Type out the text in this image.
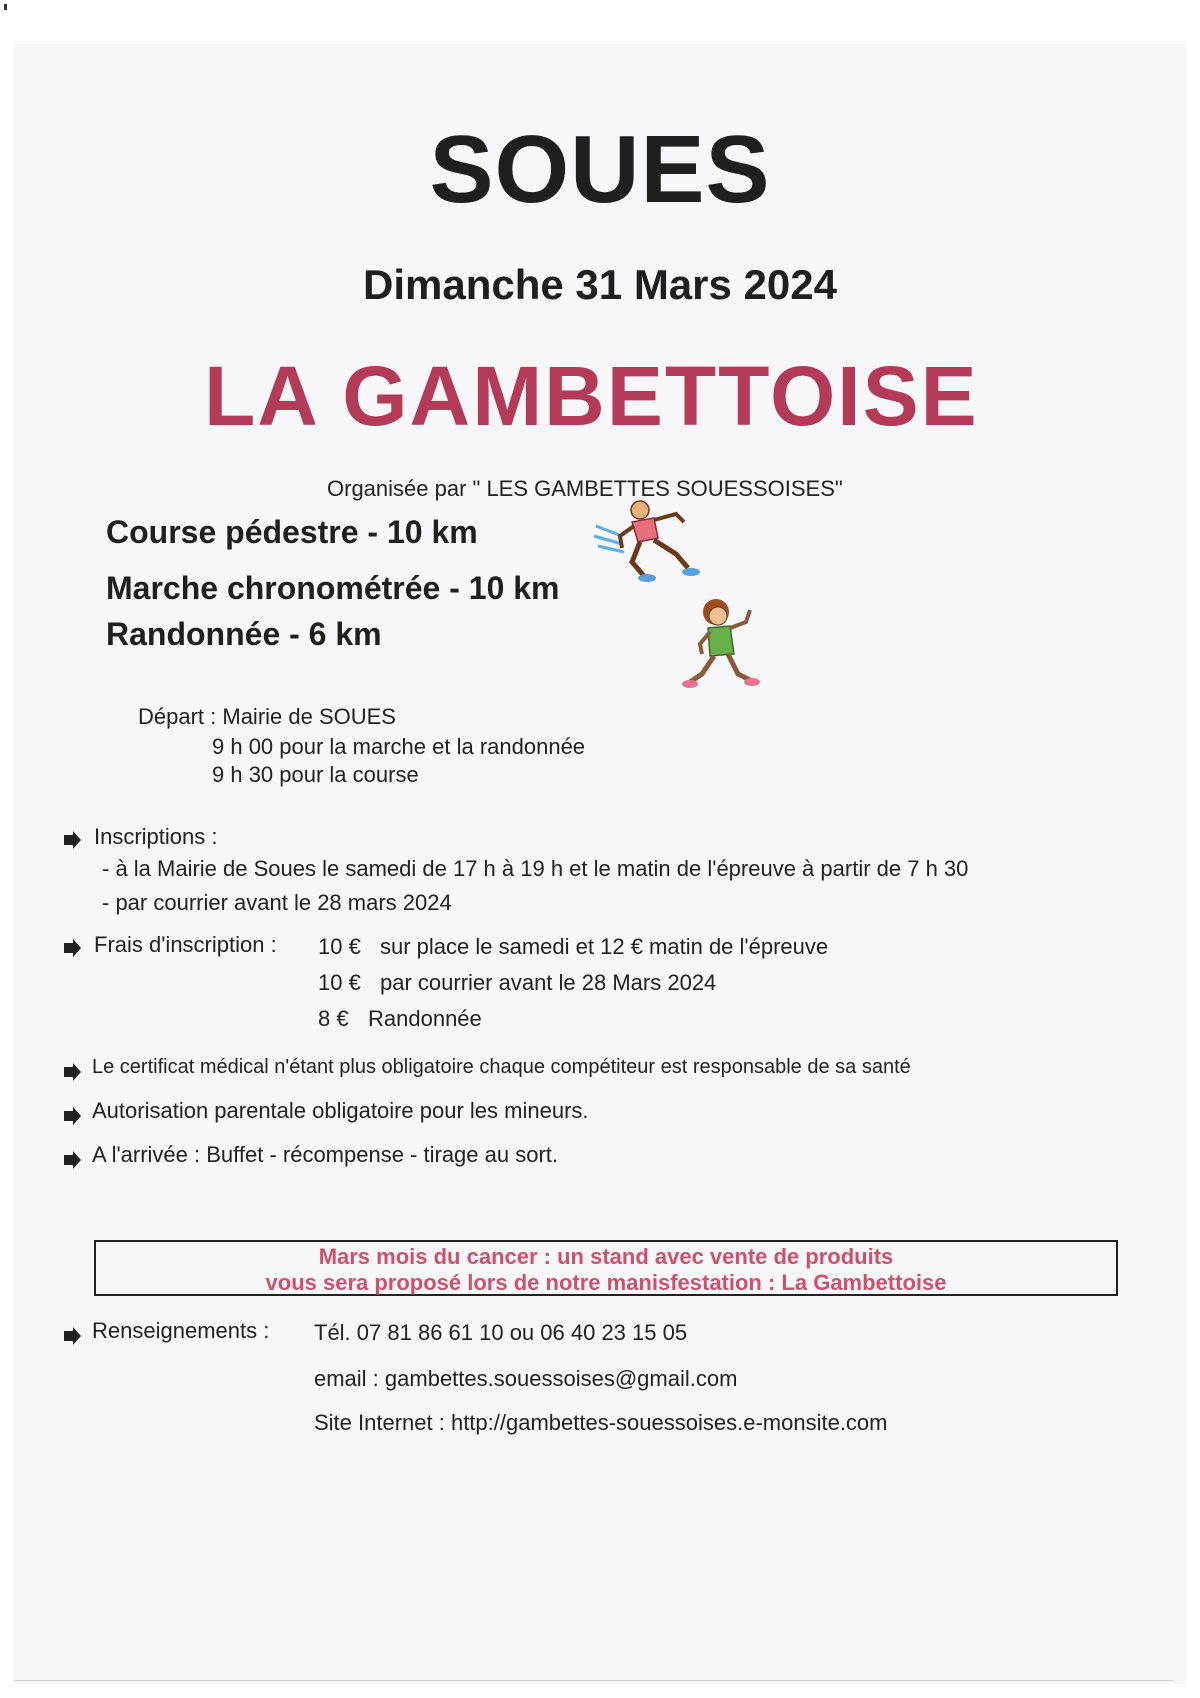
SOUES
Dimanche 31 Mars 2024
LA GAMBETTOISE
Organisée par " LES GAMBETTES SOUESSOISES"
Course pédestre - 10 km
Marche chronométrée - 10 km
Randonnée - 6 km
Départ : Mairie de SOUES
9 h 00 pour la marche et la randonnée
9 h 30 pour la course
Inscriptions :
- à la Mairie de Soues le samedi de 17 h à 19 h et le matin de l'épreuve à partir de 7 h 30
- par courrier avant le 28 mars 2024
Frais d'inscription : 10 € sur place le samedi et 12 € matin de l'épreuve
10 € par courrier avant le 28 Mars 2024
8 € Randonnée
Le certificat médical n'étant plus obligatoire chaque compétiteur est responsable de sa santé
Autorisation parentale obligatoire pour les mineurs.
A l'arrivée : Buffet - récompense - tirage au sort.
Mars mois du cancer : un stand avec vente de produits
vous sera proposé lors de notre manisfestation : La Gambettoise
Renseignements : Tél. 07 81 86 61 10 ou 06 40 23 15 05
email : gambettes.souessoises@gmail.com
Site Internet : http://gambettes-souessoises.e-monsite.com
